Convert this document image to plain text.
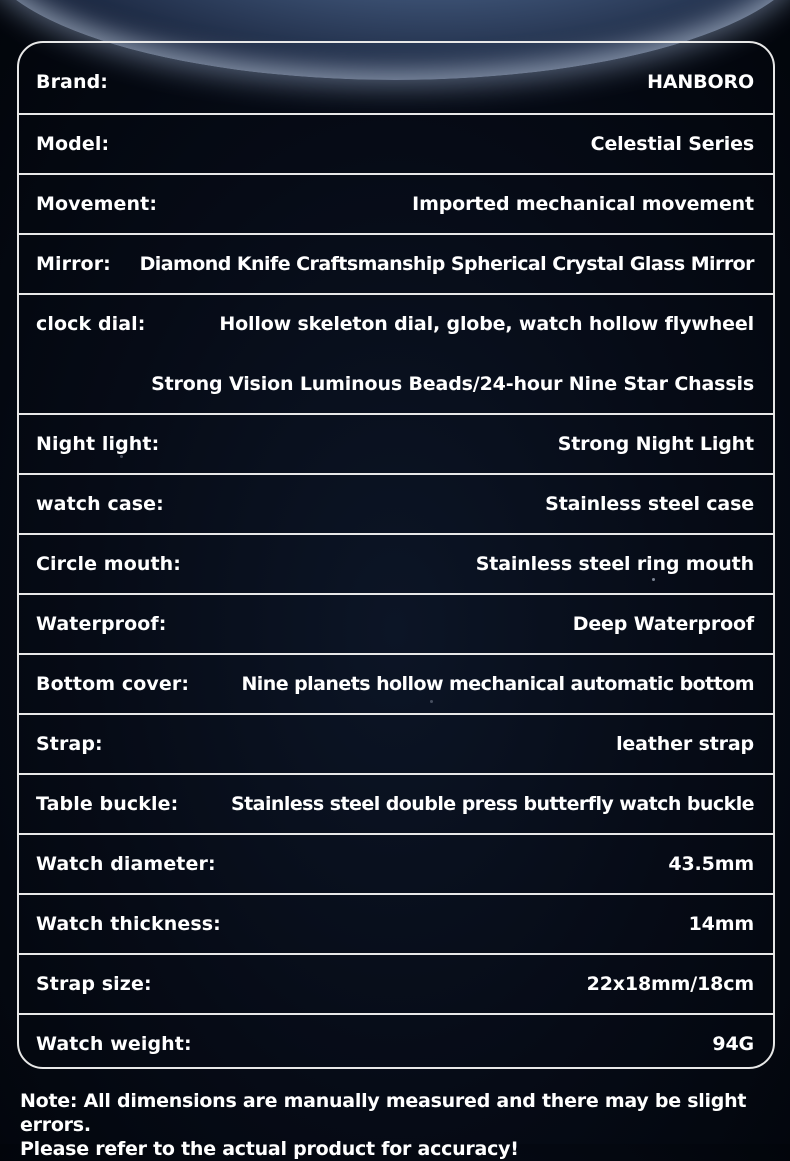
Brand:	HANBORO
Model:	Celestial Series
Movement:	Imported mechanical movement
Mirror: Diamond Knife Craftsmanship Spherical Crystal Glass Mirror
clock dial:	Hollow skeleton dial, globe, watch hollow flywheel
Strong Vision Luminous Beads/24-hour Nine Star Chassis
Night light:	Strong Night Light
watch case:	Stainless steel case
Circle mouth:	Stainless steel ring mouth
Waterproof:	Deep Waterproof
Bottom cover:	Nine planets hollow mechanical automatic bottom
Strap:	leather strap
Table buckle:	Stainless steel double press butterfly watch buckle
Watch diameter:	43.5mm
Watch thickness:	14mm
Strap size:	22x18mm/18cm
Watch weight:	94G
Note: All dimensions are manually measured and there may be slight errors.
Please refer to the actual product for accuracy!
